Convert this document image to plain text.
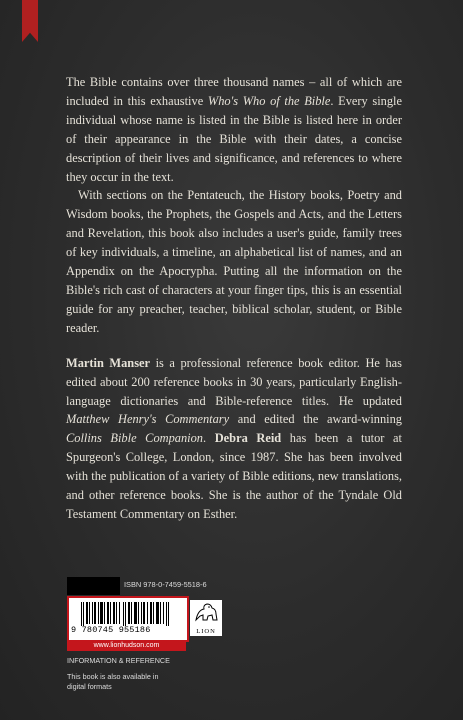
The Bible contains over three thousand names – all of which are included in this exhaustive Who's Who of the Bible. Every single individual whose name is listed in the Bible is listed here in order of their appearance in the Bible with their dates, a concise description of their lives and significance, and references to where they occur in the text.

With sections on the Pentateuch, the History books, Poetry and Wisdom books, the Prophets, the Gospels and Acts, and the Letters and Revelation, this book also includes a user's guide, family trees of key individuals, a timeline, an alphabetical list of names, and an Appendix on the Apocrypha. Putting all the information on the Bible's rich cast of characters at your finger tips, this is an essential guide for any preacher, teacher, biblical scholar, student, or Bible reader.

Martin Manser is a professional reference book editor. He has edited about 200 reference books in 30 years, particularly English-language dictionaries and Bible-reference titles. He updated Matthew Henry's Commentary and edited the award-winning Collins Bible Companion. Debra Reid has been a tutor at Spurgeon's College, London, since 1987. She has been involved with the publication of a variety of Bible editions, new translations, and other reference books. She is the author of the Tyndale Old Testament Commentary on Esther.

ISBN 978-0-7459-5518-6
9 780745 955186	LION
www.lionhudson.com
INFORMATION & REFERENCE
This book is also available in digital formats
